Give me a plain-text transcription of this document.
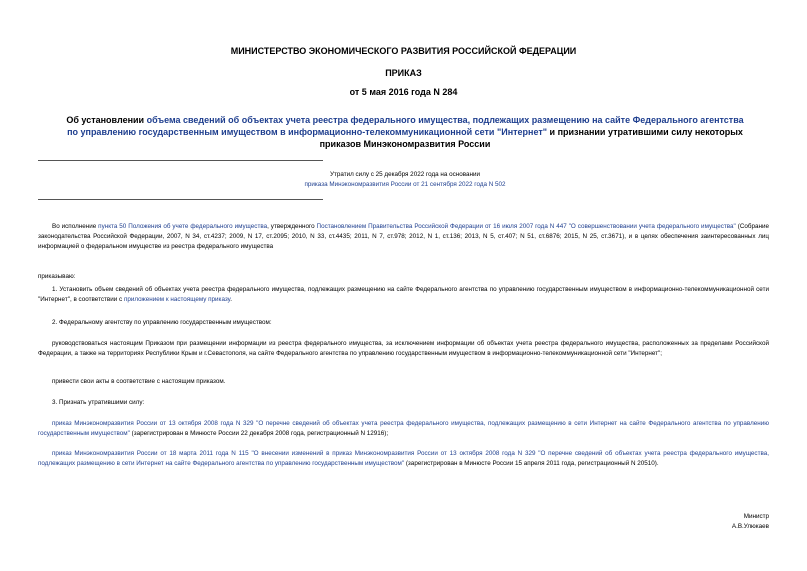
МИНИСТЕРСТВО ЭКОНОМИЧЕСКОГО РАЗВИТИЯ РОССИЙСКОЙ ФЕДЕРАЦИИ
ПРИКАЗ
от 5 мая 2016 года N 284
Об установлении объема сведений об объектах учета реестра федерального имущества, подлежащих размещению на сайте Федерального агентства по управлению государственным имуществом в информационно-телекоммуникационной сети "Интернет" и признании утратившими силу некоторых приказов Минэкономразвития России
Утратил силу с 25 декабря 2022 года на основании
приказа Минэкономразвития России от 21 сентября 2022 года N 502
Во исполнение пункта 50 Положения об учете федерального имущества, утвержденного Постановлением Правительства Российской Федерации от 16 июля 2007 года N 447 "О совершенствовании учета федерального имущества" (Собрание законодательства Российской Федерации, 2007, N 34, ст.4237; 2009, N 17, ст.2095; 2010, N 33, ст.4435; 2011, N 7, ст.978; 2012, N 1, ст.136; 2013, N 5, ст.407; N 51, ст.6876; 2015, N 25, ст.3671), и в целях обеспечения заинтересованных лиц информацией о федеральном имуществе из реестра федерального имущества
приказываю:
1. Установить объем сведений об объектах учета реестра федерального имущества, подлежащих размещению на сайте Федерального агентства по управлению государственным имуществом в информационно-телекоммуникационной сети "Интернет", в соответствии с приложением к настоящему приказу.
2. Федеральному агентству по управлению государственным имуществом:
руководствоваться настоящим Приказом при размещении информации из реестра федерального имущества, за исключением информации об объектах учета реестра федерального имущества, расположенных за пределами Российской Федерации, а также на территориях Республики Крым и г.Севастополя, на сайте Федерального агентства по управлению государственным имуществом в информационно-телекоммуникационной сети "Интернет";
привести свои акты в соответствие с настоящим приказом.
3. Признать утратившими силу:
приказ Минэкономразвития России от 13 октября 2008 года N 329 "О перечне сведений об объектах учета реестра федерального имущества, подлежащих размещению в сети Интернет на сайте Федерального агентства по управлению государственным имуществом" (зарегистрирован в Минюсте России 22 декабря 2008 года, регистрационный N 12916);
приказ Минэкономразвития России от 18 марта 2011 года N 115 "О внесении изменений в приказ Минэкономразвития России от 13 октября 2008 года N 329 "О перечне сведений об объектах учета реестра федерального имущества, подлежащих размещению в сети Интернет на сайте Федерального агентства по управлению государственным имуществом" (зарегистрирован в Минюсте России 15 апреля 2011 года, регистрационный N 20510).
Министр
А.В.Улюкаев
